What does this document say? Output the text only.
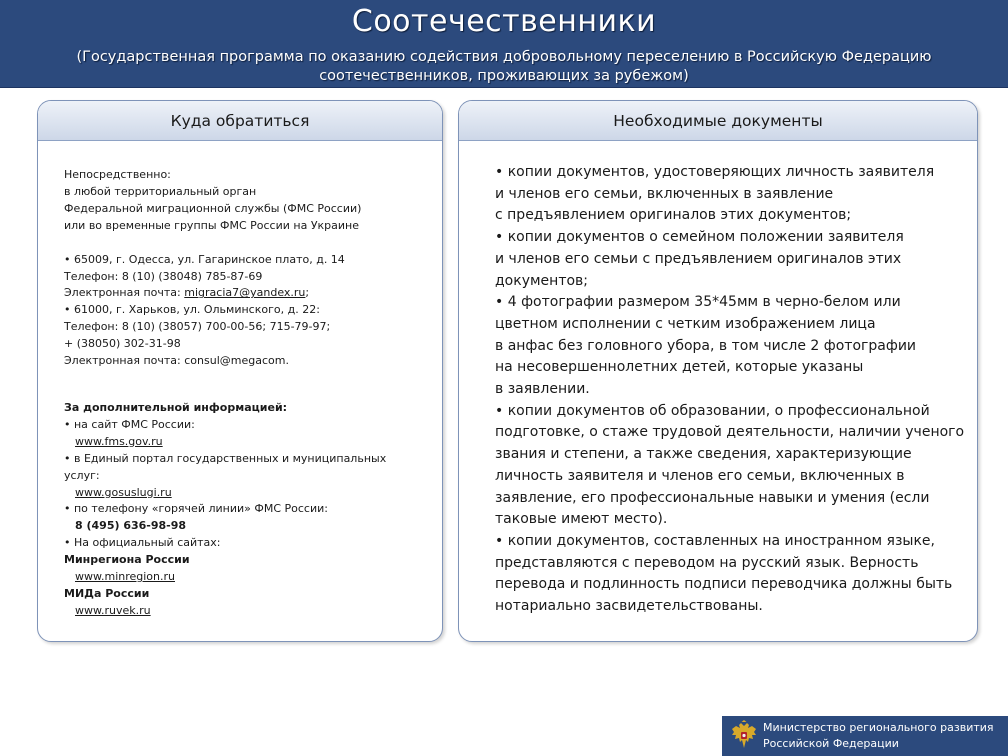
Соотечественники
(Государственная программа по оказанию содействия добровольному переселению в Российскую Федерацию
соотечественников, проживающих за рубежом)
Куда обратиться
Непосредственно:
в любой территориальный орган
Федеральной миграционной службы (ФМС России)
или во временные группы ФМС России на Украине
• 65009, г. Одесса, ул. Гагаринское плато, д. 14
Телефон: 8 (10) (38048) 785-87-69
Электронная почта: migracia7@yandex.ru;
• 61000, г. Харьков, ул. Ольминского, д. 22:
Телефон: 8 (10) (38057) 700-00-56; 715-79-97;
+ (38050) 302-31-98
Электронная почта: consul@megacom.
За дополнительной информацией:
• на сайт ФМС России:
www.fms.gov.ru
• в Единый портал государственных и муниципальных
услуг:
www.gosuslugi.ru
• по телефону «горячей линии» ФМС России:
8 (495) 636-98-98
• На официальный сайтах:
Минрегиона России
www.minregion.ru
МИДа России
www.ruvek.ru
Необходимые документы
• копии документов, удостоверяющих личность заявителя
и членов его семьи, включенных в заявление
с предъявлением оригиналов этих документов;
• копии документов о семейном положении заявителя
и членов его семьи с предъявлением оригиналов этих
документов;
• 4 фотографии размером 35*45мм в черно-белом или
цветном исполнении с четким изображением лица
в анфас без головного убора, в том числе 2 фотографии
на несовершеннолетних детей, которые указаны
в заявлении.
• копии документов об образовании, о профессиональной
подготовке, о стаже трудовой деятельности, наличии ученого
звания и степени, а также сведения, характеризующие
личность заявителя и членов его семьи, включенных в
заявление, его профессиональные навыки и умения (если
таковые имеют место).
• копии документов, составленных на иностранном языке,
представляются с переводом на русский язык. Верность
перевода и подлинность подписи переводчика должны быть
нотариально засвидетельствованы.
Министерство регионального развития
Российской Федерации
